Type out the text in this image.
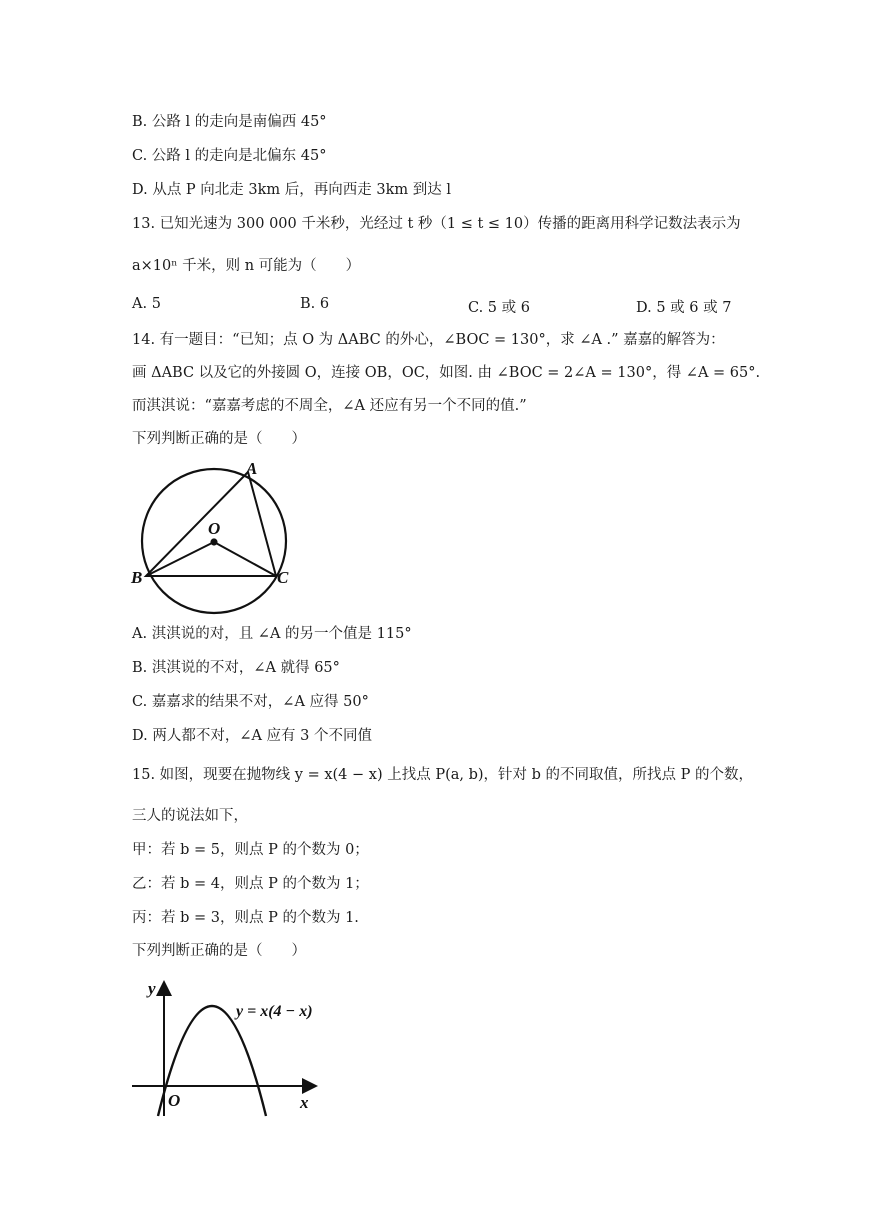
B. 公路 l 的走向是南偏西 45°
C. 公路 l 的走向是北偏东 45°
D. 从点 P 向北走 3km 后，再向西走 3km 到达 l
13. 已知光速为 300 000 千米秒，光经过 t 秒（1 ≤ t ≤ 10）传播的距离用科学记数法表示为
a×10ⁿ 千米，则 n 可能为（　　）
A. 5	B. 6	C. 5 或 6	D. 5 或 6 或 7
14. 有一题目：“已知；点 O 为 ΔABC 的外心，∠BOC = 130°，求 ∠A .” 嘉嘉的解答为：
画 ΔABC 以及它的外接圆 O，连接 OB，OC，如图. 由 ∠BOC = 2∠A = 130°，得 ∠A = 65°.
而淇淇说：“嘉嘉考虑的不周全，∠A 还应有另一个不同的值.”
下列判断正确的是（　　）
A
O
B	C
A. 淇淇说的对，且 ∠A 的另一个值是 115°
B. 淇淇说的不对，∠A 就得 65°
C. 嘉嘉求的结果不对，∠A 应得 50°
D. 两人都不对，∠A 应有 3 个不同值
15. 如图，现要在抛物线 y = x(4 − x) 上找点 P(a, b)，针对 b 的不同取值，所找点 P 的个数，
三人的说法如下，
甲：若 b = 5，则点 P 的个数为 0；
乙：若 b = 4，则点 P 的个数为 1；
丙：若 b = 3，则点 P 的个数为 1.
下列判断正确的是（　　）
y
x
O
y = x(4 − x)
